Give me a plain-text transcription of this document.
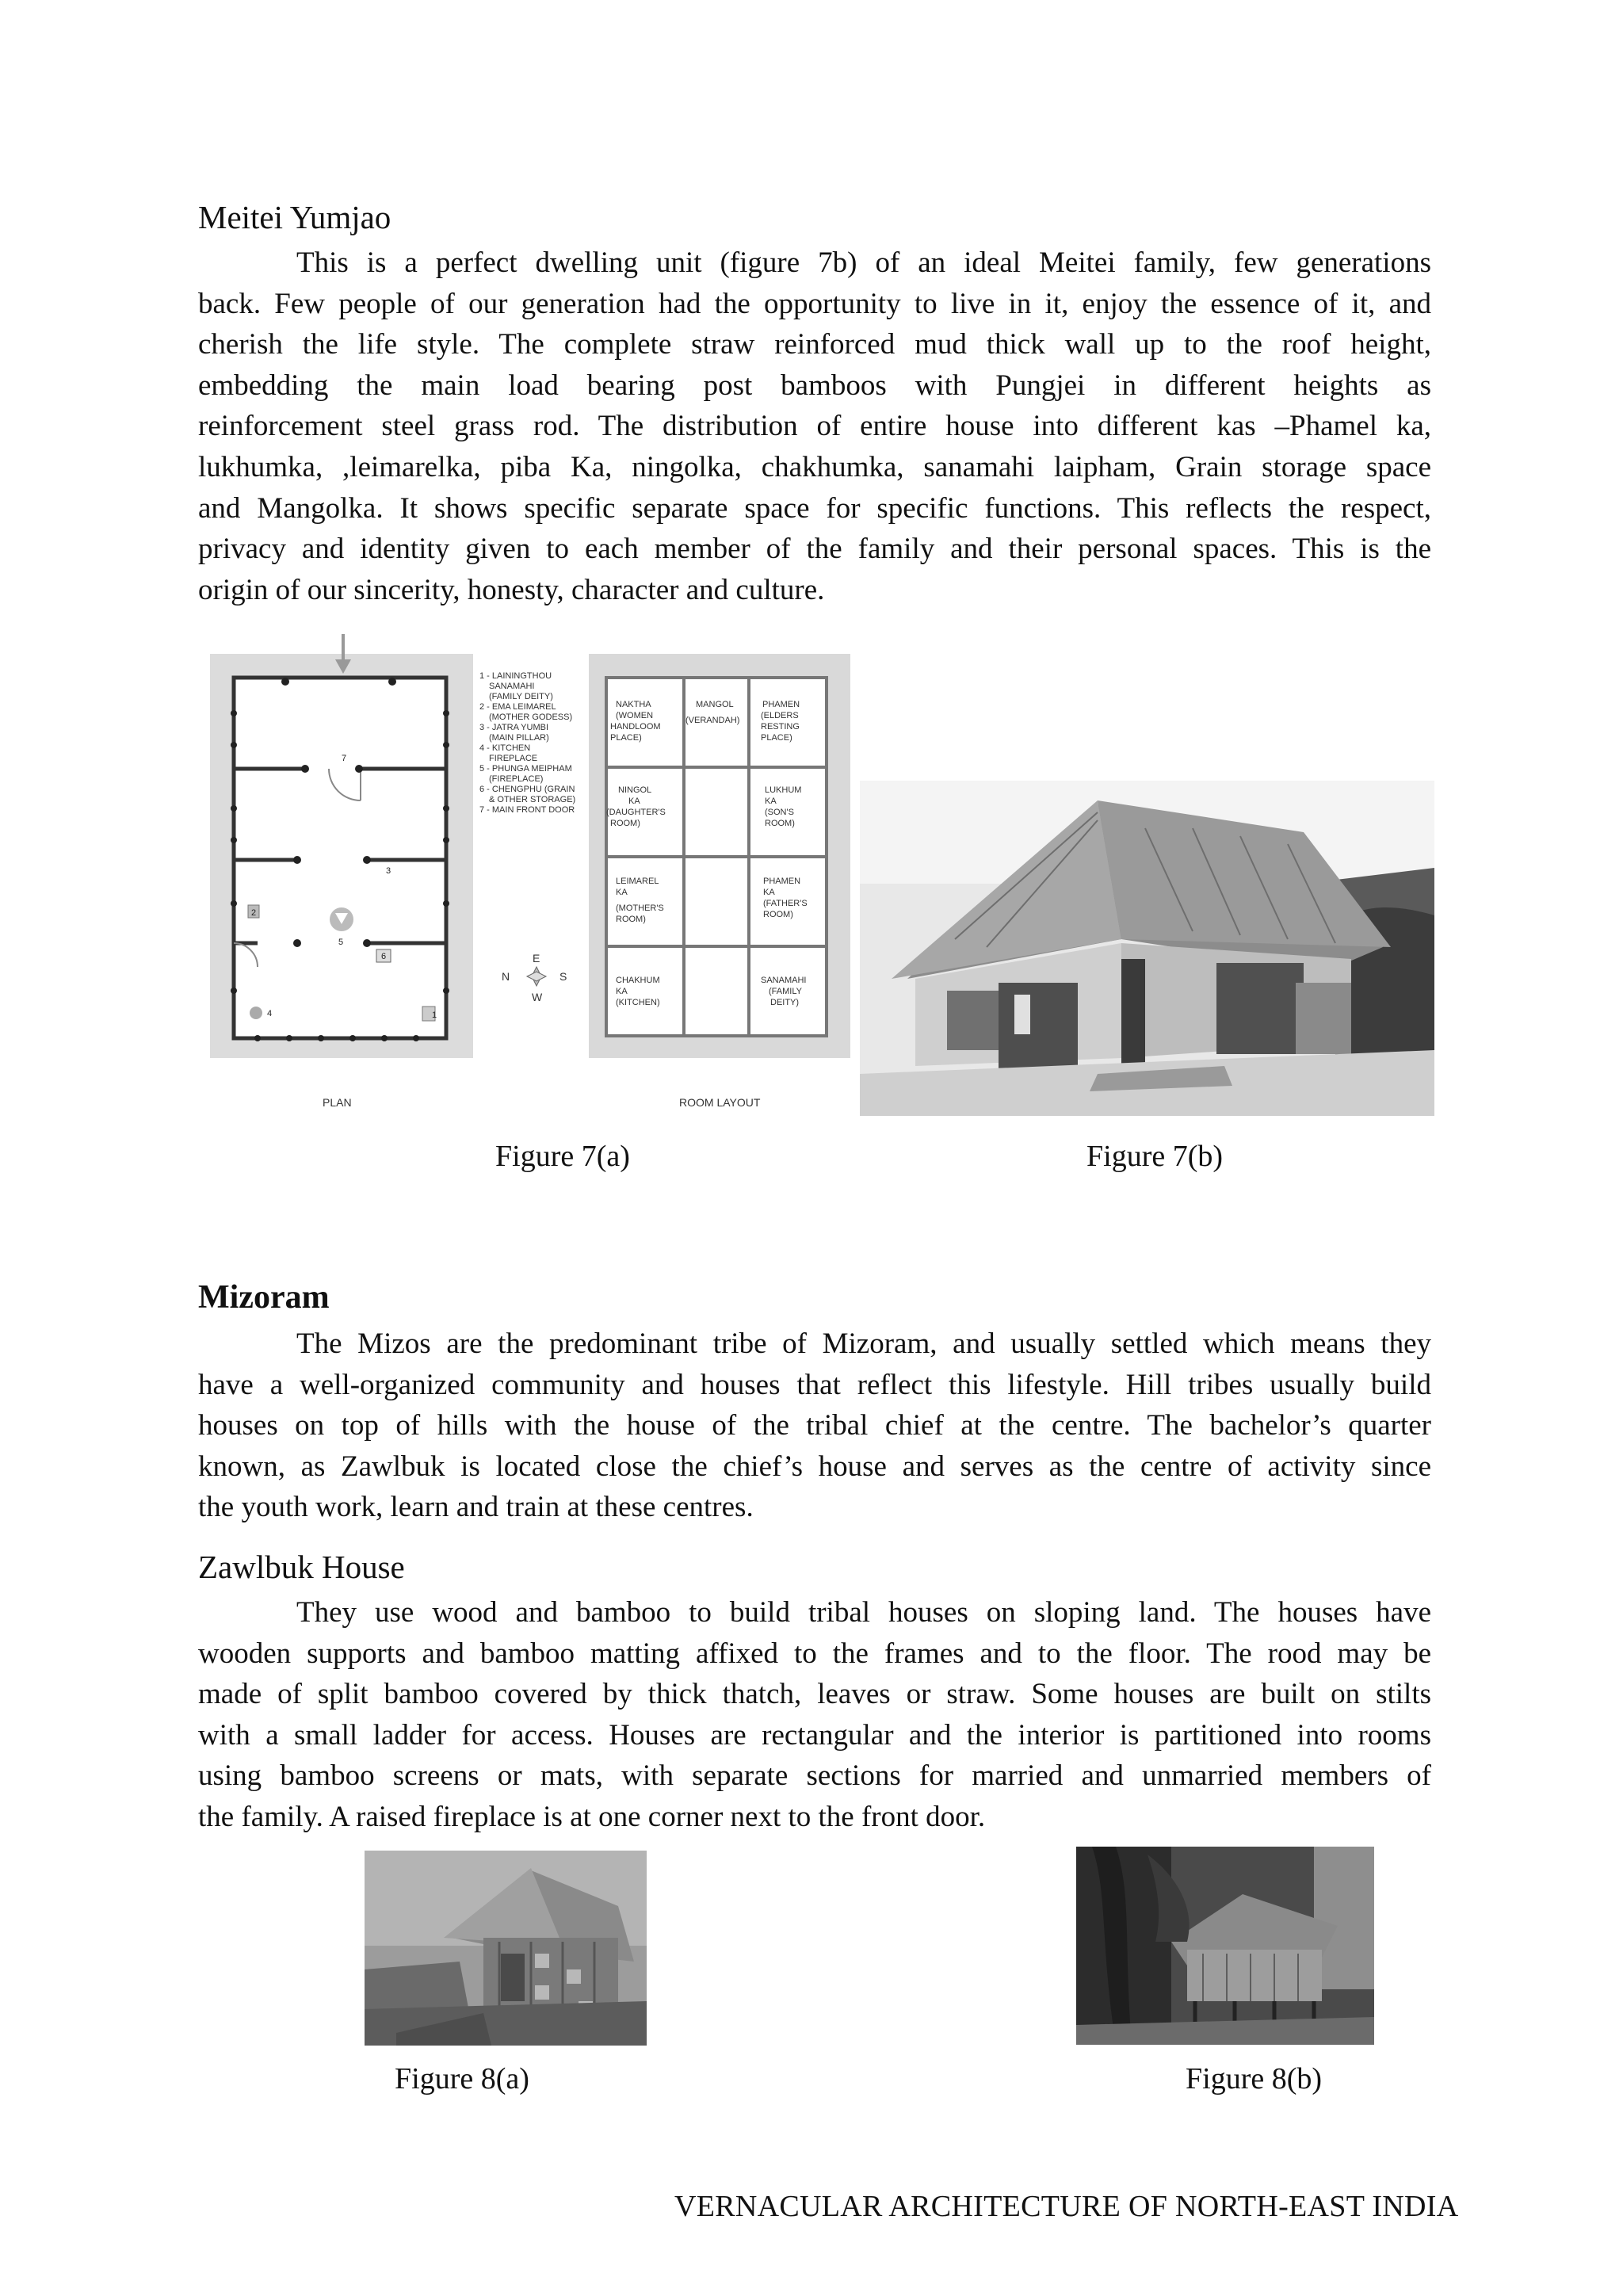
Meitei Yumjao
This is a perfect dwelling unit (figure 7b) of an ideal Meitei family, few generations
back. Few people of our generation had the opportunity to live in it, enjoy the essence of it, and
cherish the life style. The complete straw reinforced mud thick wall up to the roof height,
embedding the main load bearing post bamboos with Pungjei in different heights as
reinforcement steel grass rod. The distribution of entire house into different kas –Phamel ka,
lukhumka, ,leimarelka, piba Ka, ningolka, chakhumka, sanamahi laipham, Grain storage space
and Mangolka. It shows specific separate space for specific functions. This reflects the respect,
privacy and identity given to each member of the family and their personal spaces. This is the
origin of our sincerity, honesty, character and culture.
1
2
3
4
5
6
7
1 - LAININGTHOU
SANAMAHI
(FAMILY DEITY)
2 - EMA LEIMAREL
(MOTHER GODESS)
3 - JATRA YUMBI
(MAIN PILLAR)
4 - KITCHEN
FIREPLACE
5 - PHUNGA MEIPHAM
(FIREPLACE)
6 - CHENGPHU (GRAIN
& OTHER STORAGE)
7 - MAIN FRONT DOOR
E
N	S
W
NAKTHA
(WOMEN
HANDLOOM
PLACE)
MANGOL
(VERANDAH)
PHAMEN
(ELDERS
RESTING
PLACE)
NINGOL
KA
(DAUGHTER'S
ROOM)
LUKHUM
KA
(SON'S
ROOM)
LEIMAREL
KA
(MOTHER'S
ROOM)
PHAMEN
KA
(FATHER'S
ROOM)
CHAKHUM
KA
(KITCHEN)
SANAMAHI
(FAMILY
DEITY)
PLAN	ROOM LAYOUT
Figure 7(a)	Figure 7(b)
Mizoram
The Mizos are the predominant tribe of Mizoram, and usually settled which means they
have a well-organized community and houses that reflect this lifestyle. Hill tribes usually build
houses on top of hills with the house of the tribal chief at the centre. The bachelor’s quarter
known, as Zawlbuk is located close the chief’s house and serves as the centre of activity since
the youth work, learn and train at these centres.
Zawlbuk House
They use wood and bamboo to build tribal houses on sloping land. The houses have
wooden supports and bamboo matting affixed to the frames and to the floor. The rood may be
made of split bamboo covered by thick thatch, leaves or straw. Some houses are built on stilts
with a small ladder for access. Houses are rectangular and the interior is partitioned into rooms
using bamboo screens or mats, with separate sections for married and unmarried members of
the family. A raised fireplace is at one corner next to the front door.
Figure 8(a)	Figure 8(b)
VERNACULAR ARCHITECTURE OF NORTH-EAST INDIA
